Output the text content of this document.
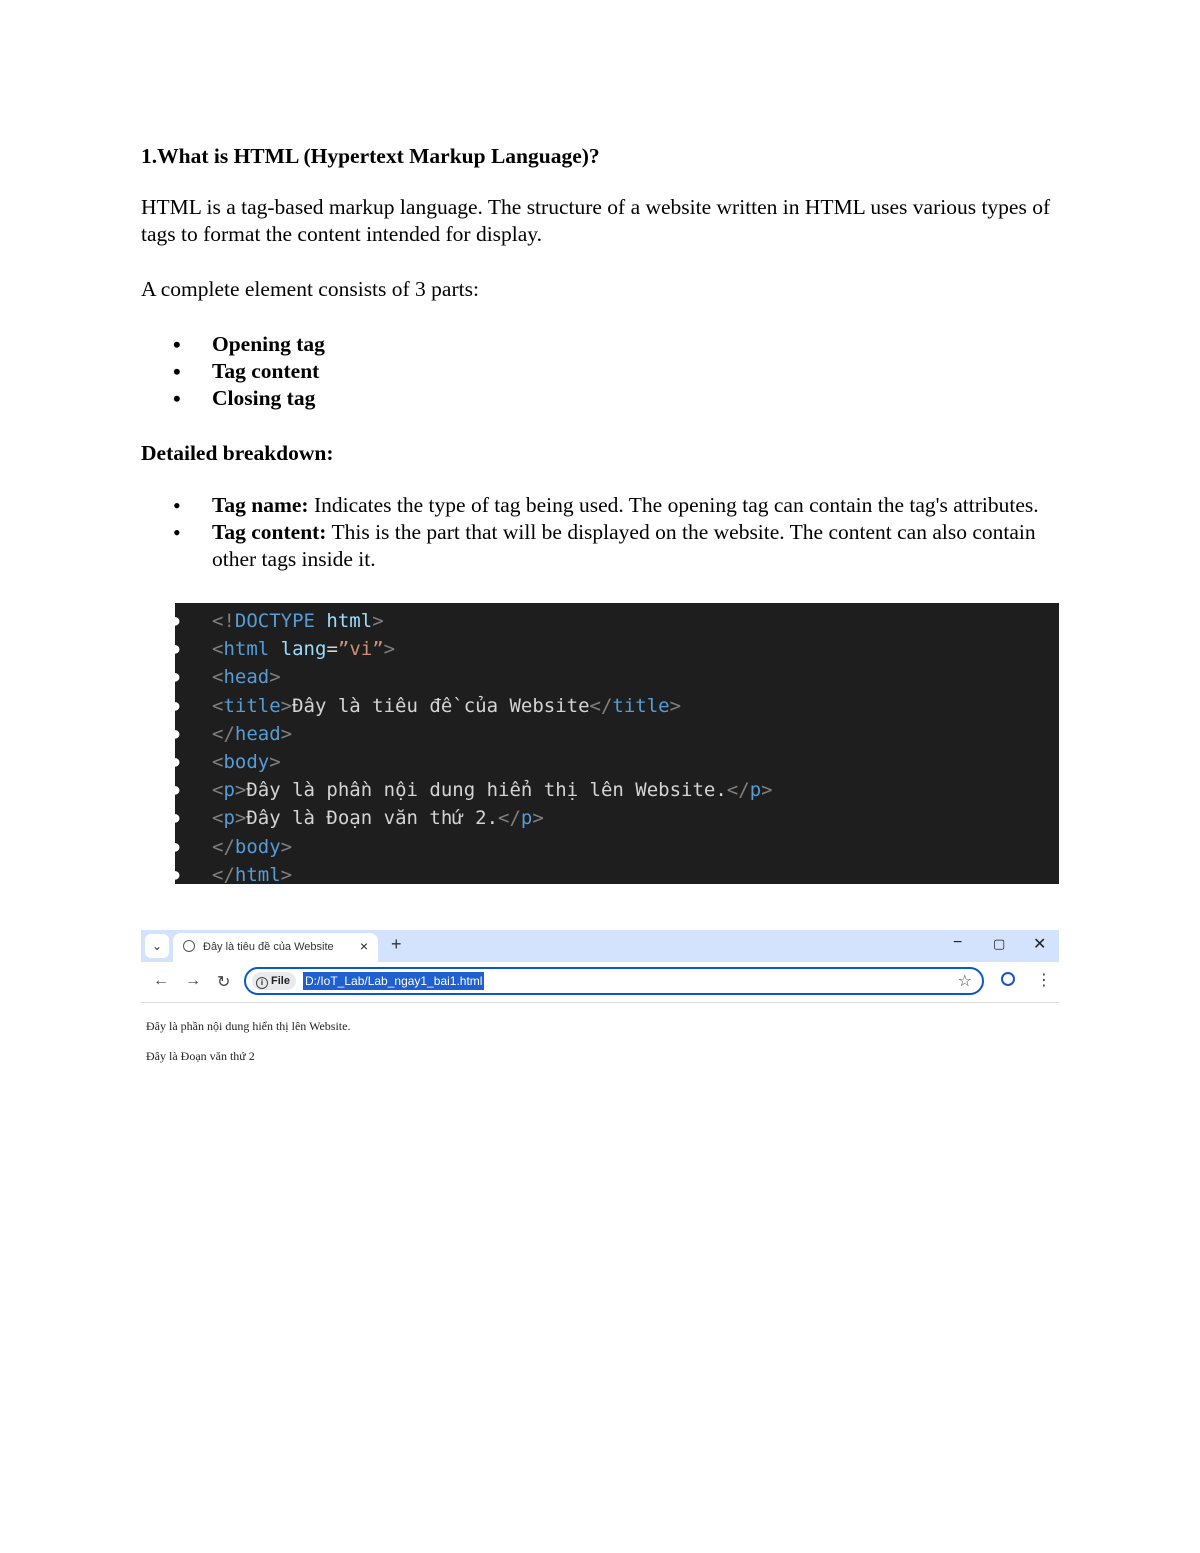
1.What is HTML (Hypertext Markup Language)?

HTML is a tag-based markup language. The structure of a website written in HTML uses various types of tags to format the content intended for display.

A complete element consists of 3 parts:

• Opening tag
• Tag content
• Closing tag

Detailed breakdown:

• Tag name: Indicates the type of tag being used. The opening tag can contain the tag's attributes.
• Tag content: This is the part that will be displayed on the website. The content can also contain other tags inside it.
● <!DOCTYPE html>
● <html lang=”vi”>
● <head>
● <title>Đây là tiêu đề của Website</title>
● </head>
● <body>
● <p>Đây là phần nội dung hiển thị lên Website.</p>
● <p>Đây là Đoạn văn thứ 2.</p>
● </body>
● </html>
⌄	Đây là tiêu đề của Website × +	− ▢ ✕
← → ↻	i File	D:/IoT_Lab/Lab_ngay1_bai1.html	☆	⋮
Đây là phần nội dung hiển thị lên Website.
Đây là Đoạn văn thứ 2
